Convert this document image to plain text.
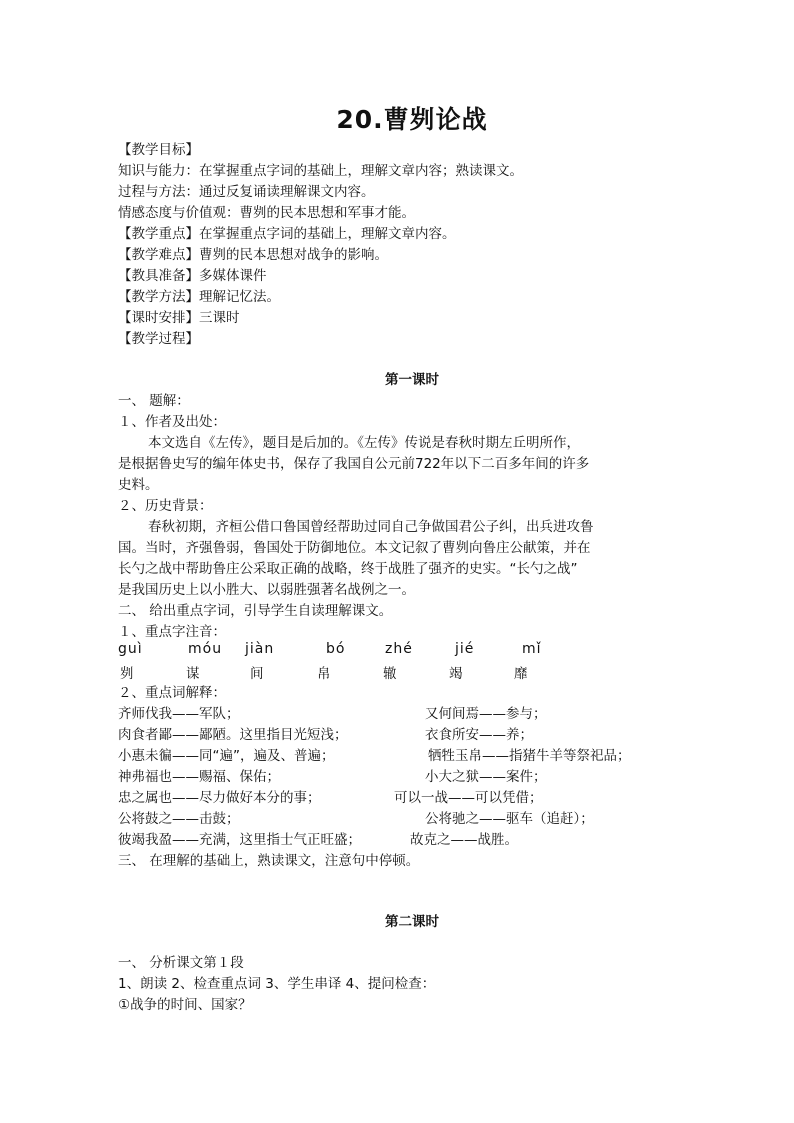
20.曹刿论战
【教学目标】
知识与能力：在掌握重点字词的基础上，理解文章内容；熟读课文。
过程与方法：通过反复诵读理解课文内容。
情感态度与价值观：曹刿的民本思想和军事才能。
【教学重点】在掌握重点字词的基础上，理解文章内容。
【教学难点】曹刿的民本思想对战争的影响。
【教具准备】多媒体课件
【教学方法】理解记忆法。
【课时安排】三课时
【教学过程】
第一课时
一、 题解：
１、作者及出处：
本文选自《左传》，题目是后加的。《左传》传说是春秋时期左丘明所作，
是根据鲁史写的编年体史书，保存了我国自公元前722年以下二百多年间的许多
史料。
２、历史背景：
春秋初期，齐桓公借口鲁国曾经帮助过同自己争做国君公子纠，出兵进攻鲁
国。当时，齐强鲁弱，鲁国处于防御地位。本文记叙了曹刿向鲁庄公献策，并在
长勺之战中帮助鲁庄公采取正确的战略，终于战胜了强齐的史实。“长勺之战”
是我国历史上以小胜大、以弱胜强著名战例之一。
二、 给出重点字词，引导学生自读理解课文。
１、重点字注音：
guì	móu jiàn	bó	zhé	jié	mǐ
刿	谋	间	帛	辙	竭	靡
２、重点词解释：
齐师伐我——军队；	又何间焉——参与；
肉食者鄙——鄙陋。这里指目光短浅；	衣食所安——养；
小惠未徧——同“遍”，遍及、普遍；	牺牲玉帛——指猪牛羊等祭祀品；
神弗福也——赐福、保佑；	小大之狱——案件；
忠之属也——尽力做好本分的事；	可以一战——可以凭借；
公将鼓之——击鼓；	公将驰之——驱车（追赶）；
彼竭我盈——充满，这里指士气正旺盛；	故克之——战胜。
三、 在理解的基础上，熟读课文，注意句中停顿。
第二课时
一、 分析课文第１段
1、朗读 2、检查重点词 3、学生串译 4、提问检查：
①战争的时间、国家？
